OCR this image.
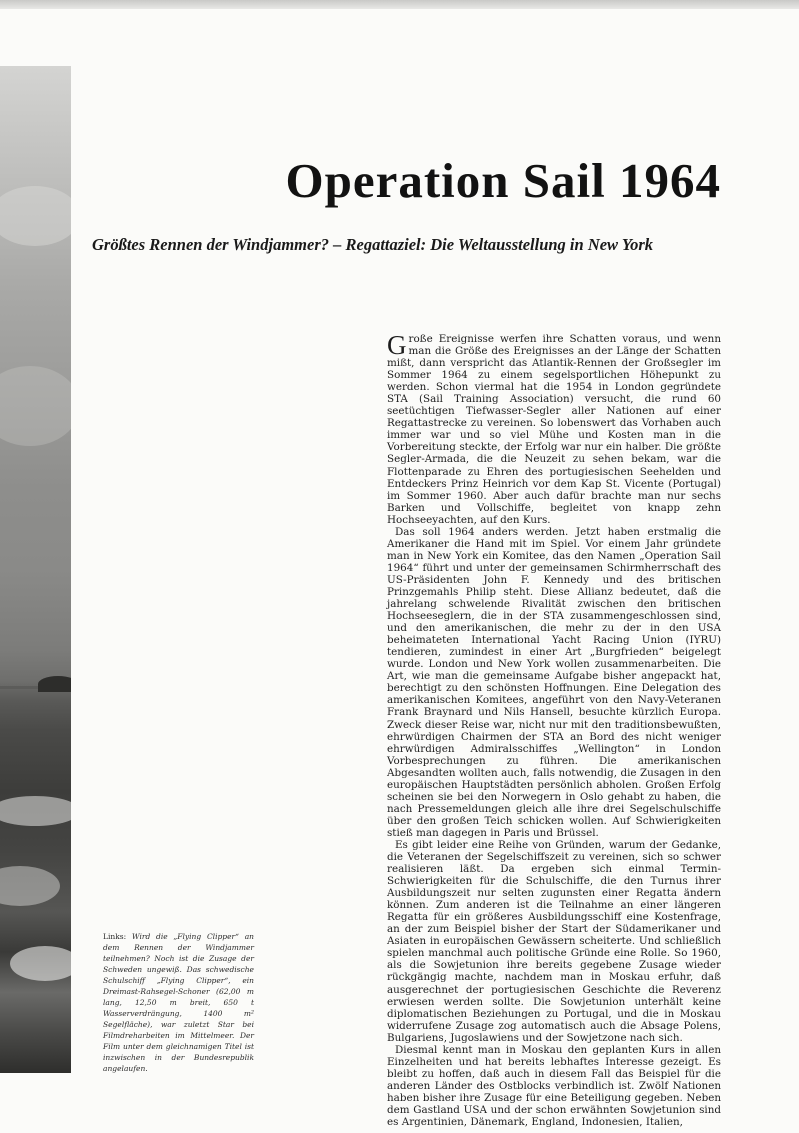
Operation Sail 1964
Größtes Rennen der Windjammer? – Regattaziel: Die Weltausstellung in New York

Große Ereignisse werfen ihre Schatten voraus, und wenn man die Größe des Ereignisses an der Länge der Schatten mißt, dann verspricht das Atlantik-Rennen der Großsegler im Sommer 1964 zu einem segelsportlichen Höhepunkt zu werden. Schon viermal hat die 1954 in London gegründete STA (Sail Training Association) versucht, die rund 60 seetüchtigen Tiefwasser-Segler aller Nationen auf einer Regattastrecke zu vereinen. So lobenswert das Vorhaben auch immer war und so viel Mühe und Kosten man in die Vorbereitung steckte, der Erfolg war nur ein halber. Die größte Segler-Armada, die die Neuzeit zu sehen bekam, war die Flottenparade zu Ehren des portugiesischen Seehelden und Entdeckers Prinz Heinrich vor dem Kap St. Vicente (Portugal) im Sommer 1960. Aber auch dafür brachte man nur sechs Barken und Vollschiffe, begleitet von knapp zehn Hochseeyachten, auf den Kurs.

Das soll 1964 anders werden. Jetzt haben erstmalig die Amerikaner die Hand mit im Spiel. Vor einem Jahr gründete man in New York ein Komitee, das den Namen „Operation Sail 1964“ führt und unter der gemeinsamen Schirmherrschaft des US-Präsidenten John F. Kennedy und des britischen Prinzgemahls Philip steht. Diese Allianz bedeutet, daß die jahrelang schwelende Rivalität zwischen den britischen Hochseeseglern, die in der STA zusammengeschlossen sind, und den amerikanischen, die mehr zu der in den USA beheimateten International Yacht Racing Union (IYRU) tendieren, zumindest in einer Art „Burgfrieden“ beigelegt wurde. London und New York wollen zusammenarbeiten. Die Art, wie man die gemeinsame Aufgabe bisher angepackt hat, berechtigt zu den schönsten Hoffnungen. Eine Delegation des amerikanischen Komitees, angeführt von den Navy-Veteranen Frank Braynard und Nils Hansell, besuchte kürzlich Europa. Zweck dieser Reise war, nicht nur mit den traditionsbewußten, ehrwürdigen Chairmen der STA an Bord des nicht weniger ehrwürdigen Admiralsschiffes „Wellington“ in London Vorbesprechungen zu führen. Die amerikanischen Abgesandten wollten auch, falls notwendig, die Zusagen in den europäischen Hauptstädten persönlich abholen. Großen Erfolg scheinen sie bei den Norwegern in Oslo gehabt zu haben, die nach Pressemeldungen gleich alle ihre drei Segelschulschiffe über den großen Teich schicken wollen. Auf Schwierigkeiten stieß man dagegen in Paris und Brüssel.

Es gibt leider eine Reihe von Gründen, warum der Gedanke, die Veteranen der Segelschiffszeit zu vereinen, sich so schwer realisieren läßt. Da ergeben sich einmal Termin-Schwierigkeiten für die Schulschiffe, die den Turnus ihrer Ausbildungszeit nur selten zugunsten einer Regatta ändern können. Zum anderen ist die Teilnahme an einer längeren Regatta für ein größeres Ausbildungsschiff eine Kostenfrage, an der zum Beispiel bisher der Start der Südamerikaner und Asiaten in europäischen Gewässern scheiterte. Und schließlich spielen manchmal auch politische Gründe eine Rolle. So 1960, als die Sowjetunion ihre bereits gegebene Zusage wieder rückgängig machte, nachdem man in Moskau erfuhr, daß ausgerechnet der portugiesischen Geschichte die Reverenz erwiesen werden sollte. Die Sowjetunion unterhält keine diplomatischen Beziehungen zu Portugal, und die in Moskau widerrufene Zusage zog automatisch auch die Absage Polens, Bulgariens, Jugoslawiens und der Sowjetzone nach sich.

Diesmal kennt man in Moskau den geplanten Kurs in allen Einzelheiten und hat bereits lebhaftes Interesse gezeigt. Es bleibt zu hoffen, daß auch in diesem Fall das Beispiel für die anderen Länder des Ostblocks verbindlich ist. Zwölf Nationen haben bisher ihre Zusage für eine Beteiligung gegeben. Neben dem Gastland USA und der schon erwähnten Sowjetunion sind es Argentinien, Dänemark, England, Indonesien, Italien,

Links: Wird die „Flying Clipper“ an dem Rennen der Windjammer teilnehmen? Noch ist die Zusage der Schweden ungewiß. Das schwedische Schulschiff „Flying Clipper“, ein Dreimast-Rahsegel-Schoner (62,00 m lang, 12,50 m breit, 650 t Wasserverdrängung, 1400 m² Segelfläche), war zuletzt Star bei Filmdreharbeiten im Mittelmeer. Der Film unter dem gleichnamigen Titel ist inzwischen in der Bundesrepublik angelaufen.
